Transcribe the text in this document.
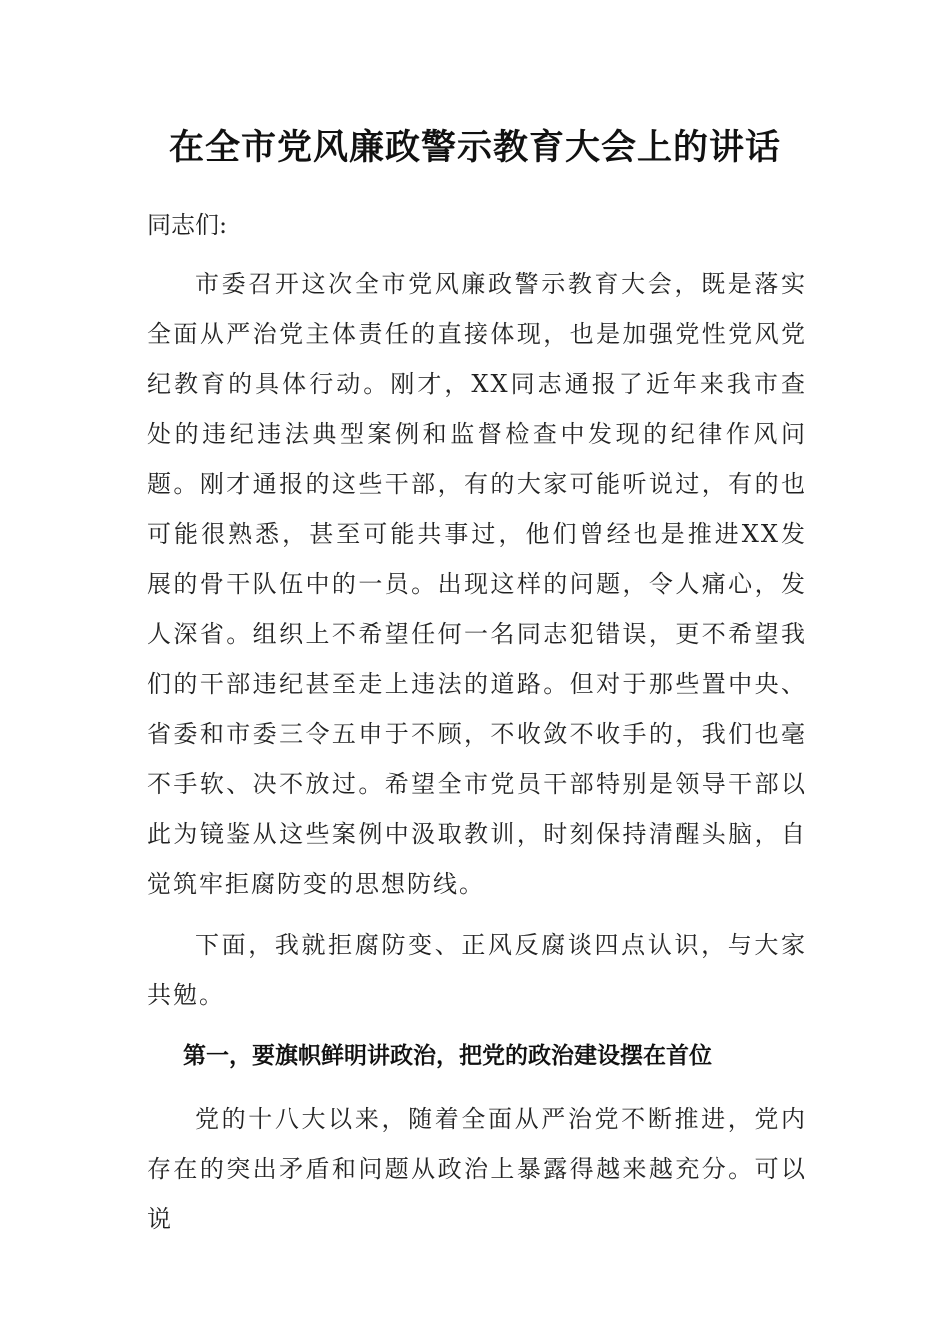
在全市党风廉政警示教育大会上的讲话

同志们:

市委召开这次全市党风廉政警示教育大会，既是落实全面从严治党主体责任的直接体现，也是加强党性党风党纪教育的具体行动。刚才，XX同志通报了近年来我市查处的违纪违法典型案例和监督检查中发现的纪律作风问题。刚才通报的这些干部，有的大家可能听说过，有的也可能很熟悉，甚至可能共事过，他们曾经也是推进XX发展的骨干队伍中的一员。出现这样的问题，令人痛心，发人深省。组织上不希望任何一名同志犯错误，更不希望我们的干部违纪甚至走上违法的道路。但对于那些置中央、省委和市委三令五申于不顾，不收敛不收手的，我们也毫不手软、决不放过。希望全市党员干部特别是领导干部以此为镜鉴从这些案例中汲取教训，时刻保持清醒头脑，自觉筑牢拒腐防变的思想防线。

下面，我就拒腐防变、正风反腐谈四点认识，与大家共勉。

第一，要旗帜鲜明讲政治，把党的政治建设摆在首位

党的十八大以来，随着全面从严治党不断推进，党内存在的突出矛盾和问题从政治上暴露得越来越充分。可以说
